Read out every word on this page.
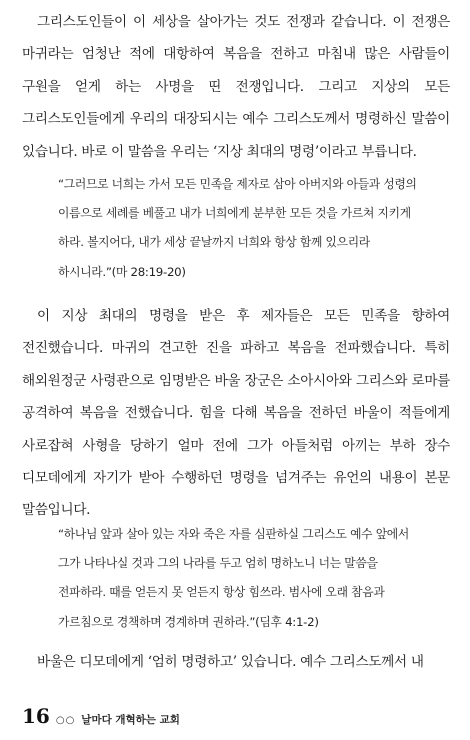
그리스도인들이 이 세상을 살아가는 것도 전쟁과 같습니다. 이 전쟁은 마귀라는 엄청난 적에 대항하여 복음을 전하고 마침내 많은 사람들이 구원을 얻게 하는 사명을 띤 전쟁입니다. 그리고 지상의 모든 그리스도인들에게 우리의 대장되시는 예수 그리스도께서 명령하신 말씀이 있습니다. 바로 이 말씀을 우리는 ‘지상 최대의 명령’이라고 부릅니다.

“그러므로 너희는 가서 모든 민족을 제자로 삼아 아버지와 아들과 성령의 이름으로 세례를 베풀고 내가 너희에게 분부한 모든 것을 가르쳐 지키게 하라. 볼지어다, 내가 세상 끝날까지 너희와 항상 함께 있으리라 하시니라.”(마 28:19-20)

이 지상 최대의 명령을 받은 후 제자들은 모든 민족을 향하여 전진했습니다. 마귀의 견고한 진을 파하고 복음을 전파했습니다. 특히 해외원정군 사령관으로 임명받은 바울 장군은 소아시아와 그리스와 로마를 공격하여 복음을 전했습니다. 힘을 다해 복음을 전하던 바울이 적들에게 사로잡혀 사형을 당하기 얼마 전에 그가 아들처럼 아끼는 부하 장수 디모데에게 자기가 받아 수행하던 명령을 넘겨주는 유언의 내용이 본문 말씀입니다.

“하나님 앞과 살아 있는 자와 죽은 자를 심판하실 그리스도 예수 앞에서 그가 나타나실 것과 그의 나라를 두고 엄히 명하노니 너는 말씀을 전파하라. 때를 얻든지 못 얻든지 항상 힘쓰라. 범사에 오래 참음과 가르침으로 경책하며 경계하며 권하라.”(딤후 4:1-2)

바울은 디모데에게 ‘엄히 명령하고’ 있습니다. 예수 그리스도께서 내

16 ○○ 날마다 개혁하는 교회
